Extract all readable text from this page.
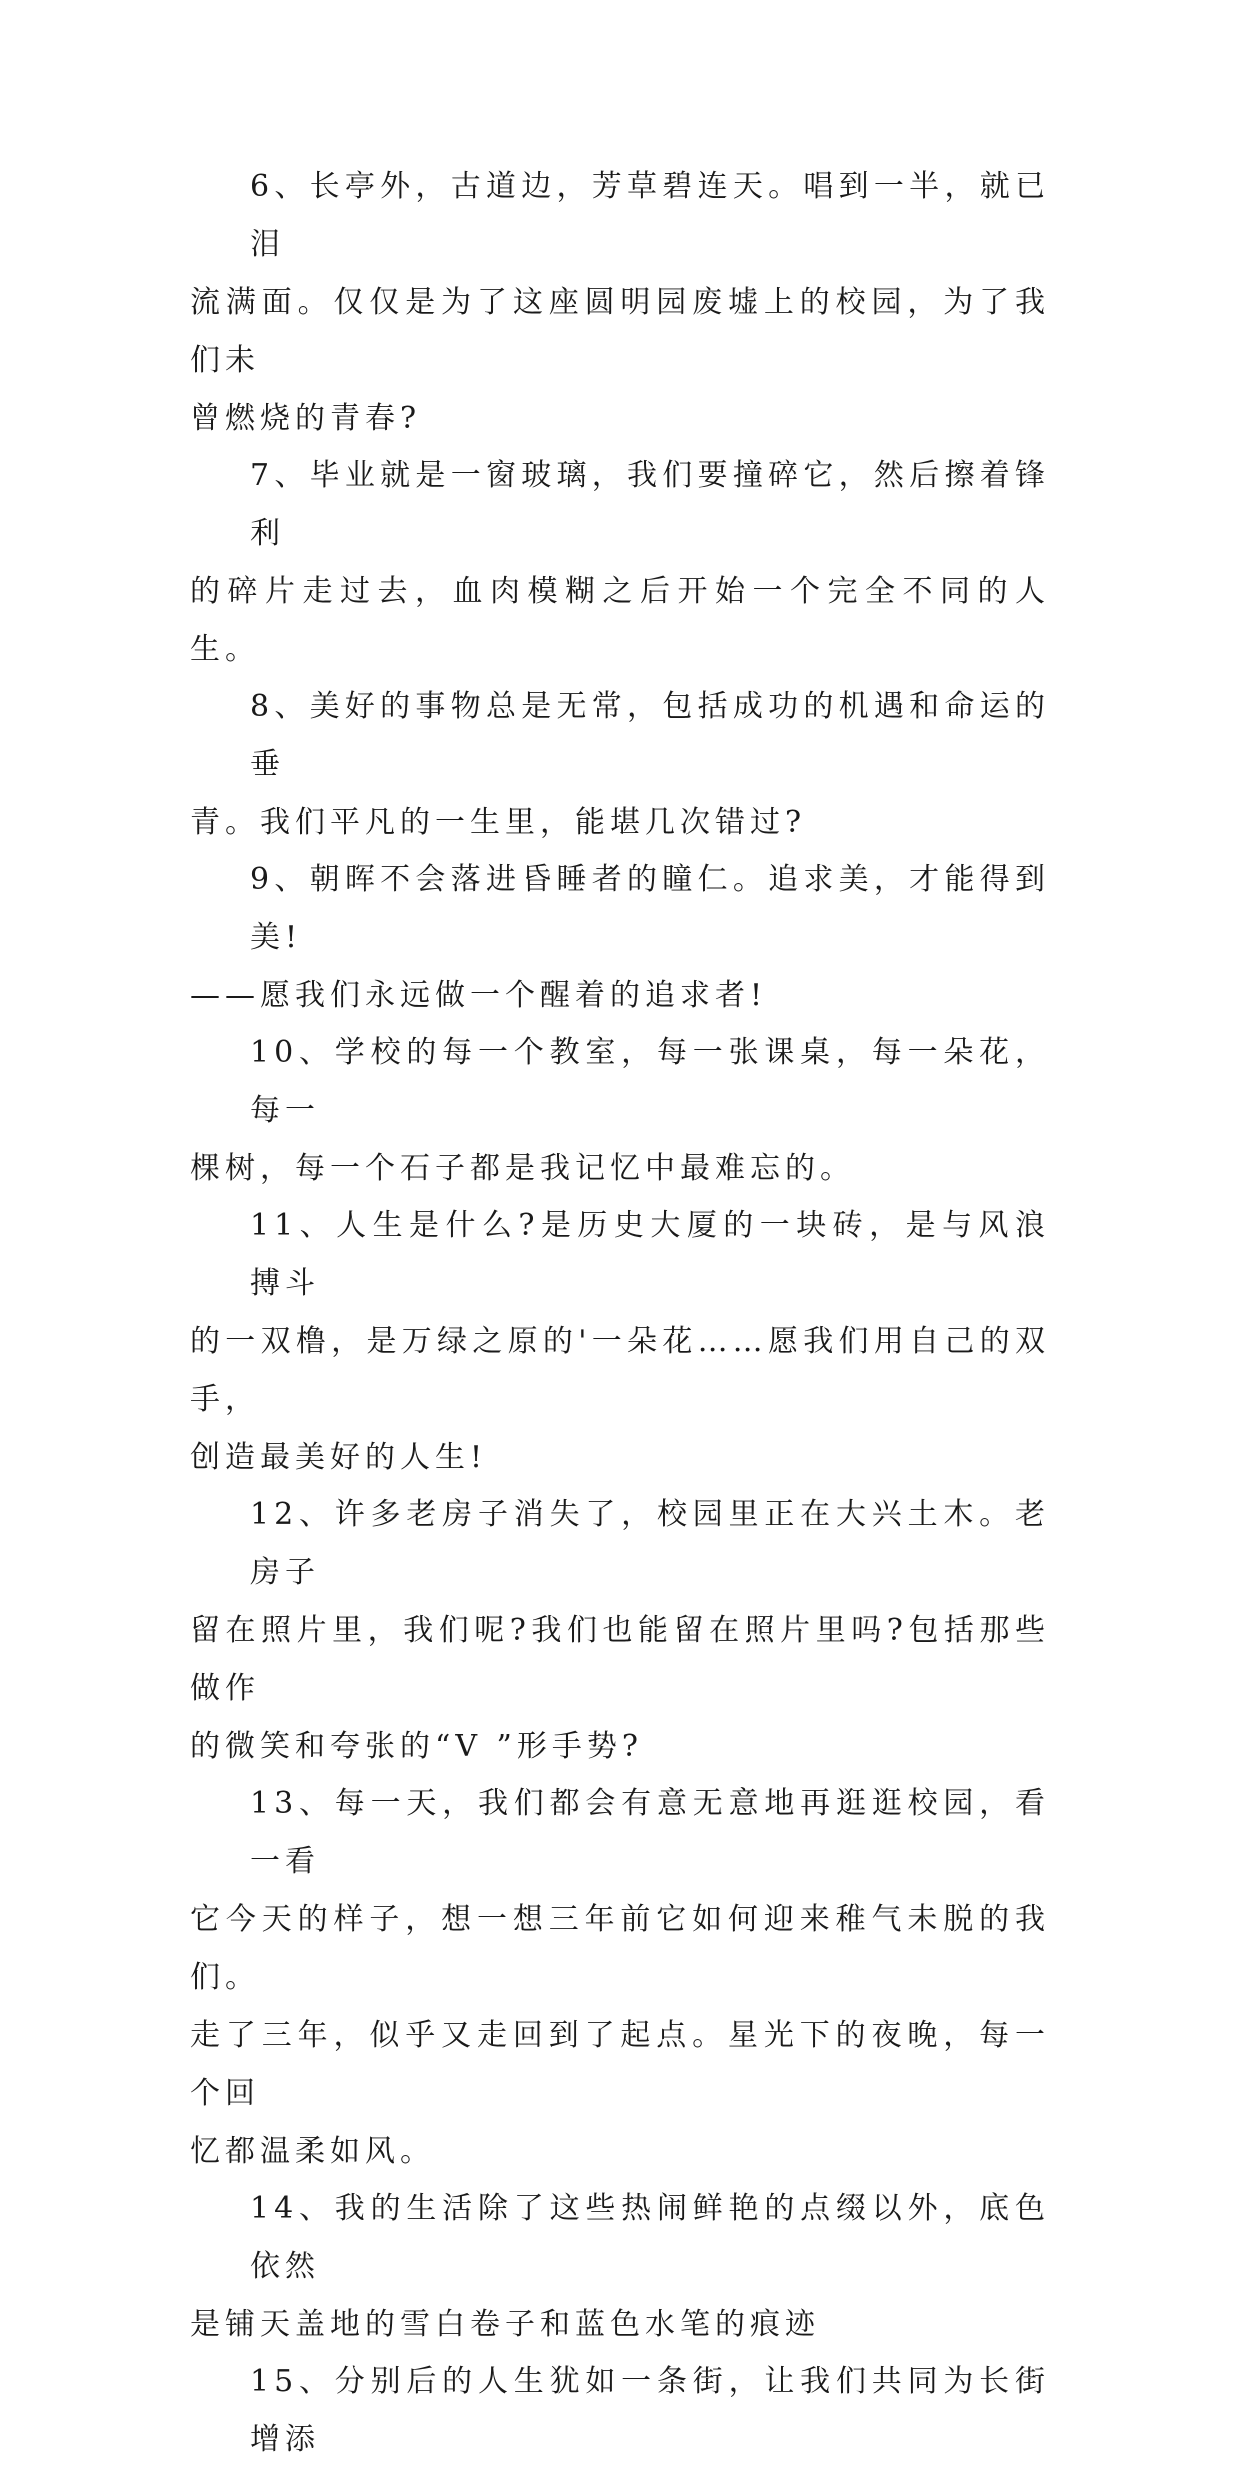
6、长亭外，古道边，芳草碧连天。唱到一半，就已泪
流满面。仅仅是为了这座圆明园废墟上的校园，为了我们未
曾燃烧的青春?

7、毕业就是一窗玻璃，我们要撞碎它，然后擦着锋利
的碎片走过去，血肉模糊之后开始一个完全不同的人生。

8、美好的事物总是无常，包括成功的机遇和命运的垂
青。我们平凡的一生里，能堪几次错过?

9、朝晖不会落进昏睡者的瞳仁。追求美，才能得到美!
——愿我们永远做一个醒着的追求者!

10、学校的每一个教室，每一张课桌，每一朵花，每一
棵树，每一个石子都是我记忆中最难忘的。

11、人生是什么?是历史大厦的一块砖，是与风浪搏斗
的一双橹，是万绿之原的'一朵花……愿我们用自己的双手，
创造最美好的人生!

12、许多老房子消失了，校园里正在大兴土木。老房子
留在照片里，我们呢?我们也能留在照片里吗?包括那些做作
的微笑和夸张的“V ”形手势?

13、每一天，我们都会有意无意地再逛逛校园，看一看
它今天的样子，想一想三年前它如何迎来稚气未脱的我们。
走了三年，似乎又走回到了起点。星光下的夜晚，每一个回
忆都温柔如风。

14、我的生活除了这些热闹鲜艳的点缀以外，底色依然
是铺天盖地的雪白卷子和蓝色水笔的痕迹

15、分别后的人生犹如一条街，让我们共同为长街增添
